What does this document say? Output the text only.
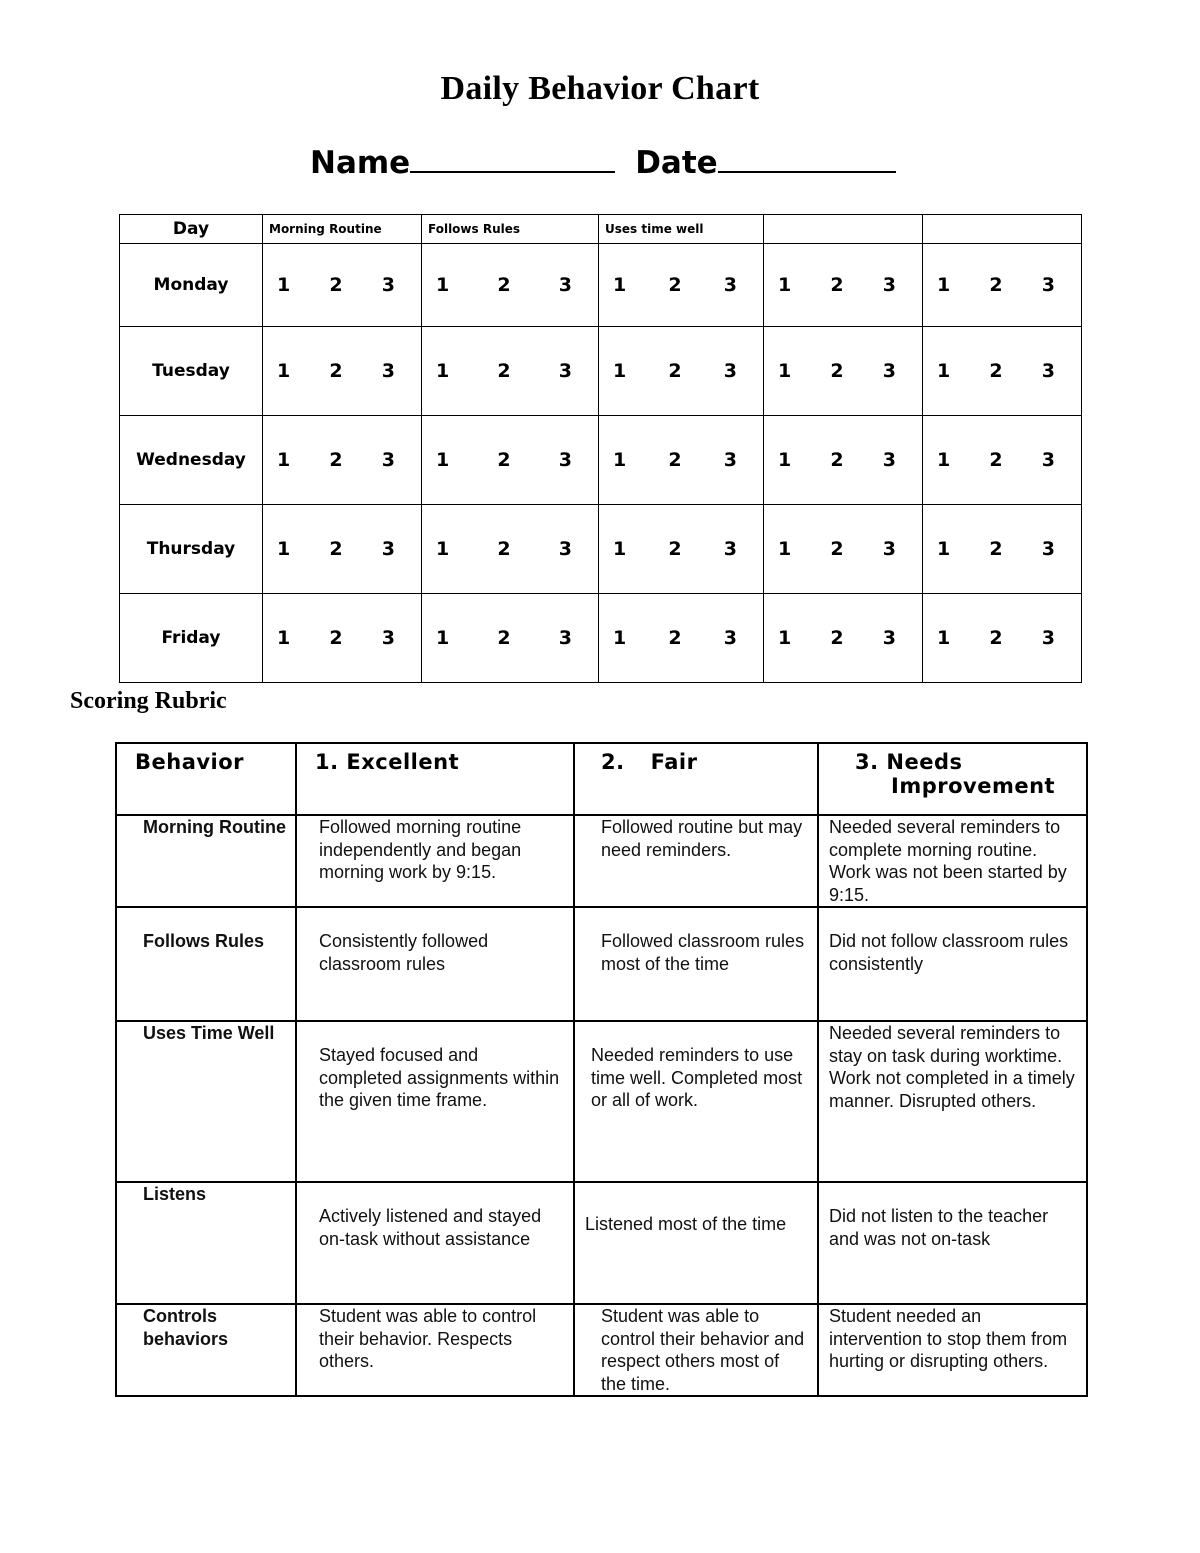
Daily Behavior Chart
Name	Date
Day	Morning Routine	Follows Rules	Uses time well		
Monday	1 2 3	1 2 3	1 2 3	1 2 3	1 2 3

Tuesday	1 2 3	1 2 3	1 2 3	1 2 3	1 2 3

Wednesday	1 2 3	1 2 3	1 2 3	1 2 3	1 2 3

Thursday	1 2 3	1 2 3	1 2 3	1 2 3	1 2 3

Friday	1 2 3	1 2 3	1 2 3	1 2 3	1 2 3
Scoring Rubric
Behavior	1. Excellent	2. Fair	3. Needs
Improvement

Morning Routine	Followed morning routine independently and began morning work by 9:15.	Followed routine but may need reminders.	Needed several reminders to complete morning routine. Work was not been started by 9:15.
Follows Rules	Consistently followed classroom rules	Followed classroom rules most of the time	Did not follow classroom rules consistently
Uses Time Well	Stayed focused and completed assignments within the given time frame.	Needed reminders to use time well. Completed most or all of work.	Needed several reminders to stay on task during worktime. Work not completed in a timely manner. Disrupted others.
Listens	Actively listened and stayed on-task without assistance	Listened most of the time	Did not listen to the teacher and was not on-task
Controls behaviors	Student was able to control their behavior. Respects others.	Student was able to control their behavior and respect others most of the time.	Student needed an intervention to stop them from hurting or disrupting others.
